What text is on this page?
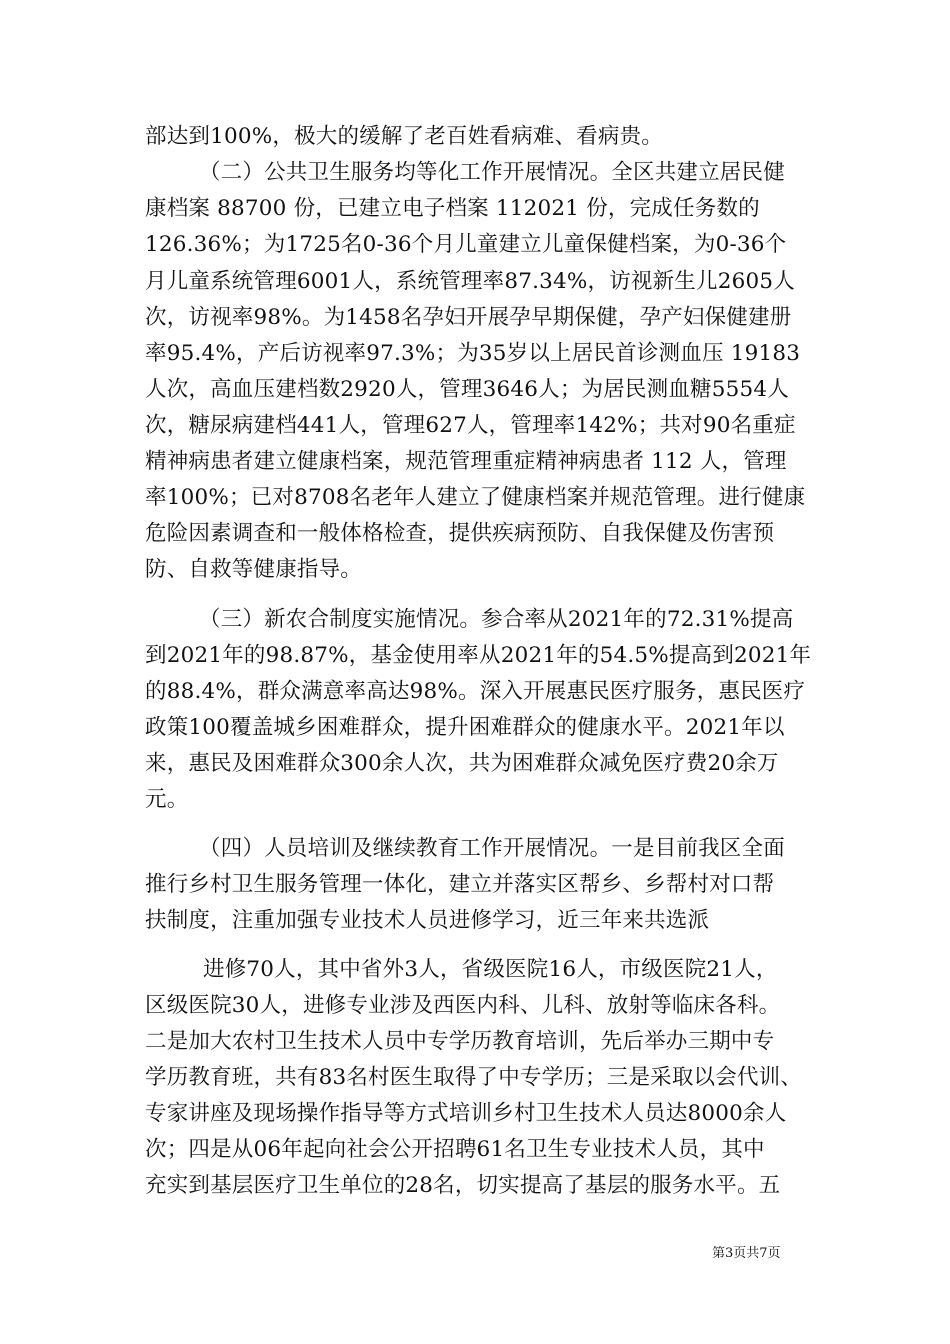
部达到100%，极大的缓解了老百姓看病难、看病贵。
（二）公共卫生服务均等化工作开展情况。全区共建立居民健
康档案 88700 份，已建立电子档案 112021 份，完成任务数的
126.36%；为1725名0-36个月儿童建立儿童保健档案，为0-36个
月儿童系统管理6001人，系统管理率87.34%，访视新生儿2605人
次，访视率98%。为1458名孕妇开展孕早期保健，孕产妇保健建册
率95.4%，产后访视率97.3%；为35岁以上居民首诊测血压 19183
人次，高血压建档数2920人，管理3646人；为居民测血糖5554人
次，糖尿病建档441人，管理627人，管理率142%；共对90名重症
精神病患者建立健康档案，规范管理重症精神病患者 112 人，管理
率100%；已对8708名老年人建立了健康档案并规范管理。进行健康
危险因素调查和一般体格检查，提供疾病预防、自我保健及伤害预
防、自救等健康指导。
（三）新农合制度实施情况。参合率从2021年的72.31%提高
到2021年的98.87%，基金使用率从2021年的54.5%提高到2021年
的88.4%，群众满意率高达98%。深入开展惠民医疗服务，惠民医疗
政策100覆盖城乡困难群众，提升困难群众的健康水平。2021年以
来，惠民及困难群众300余人次，共为困难群众减免医疗费20余万
元。
（四）人员培训及继续教育工作开展情况。一是目前我区全面
推行乡村卫生服务管理一体化，建立并落实区帮乡、乡帮村对口帮
扶制度，注重加强专业技术人员进修学习，近三年来共选派
进修70人，其中省外3人，省级医院16人，市级医院21人，
区级医院30人，进修专业涉及西医内科、儿科、放射等临床各科。
二是加大农村卫生技术人员中专学历教育培训，先后举办三期中专
学历教育班，共有83名村医生取得了中专学历；三是采取以会代训、
专家讲座及现场操作指导等方式培训乡村卫生技术人员达8000余人
次；四是从06年起向社会公开招聘61名卫生专业技术人员，其中
充实到基层医疗卫生单位的28名，切实提高了基层的服务水平。五
第3页共7页
